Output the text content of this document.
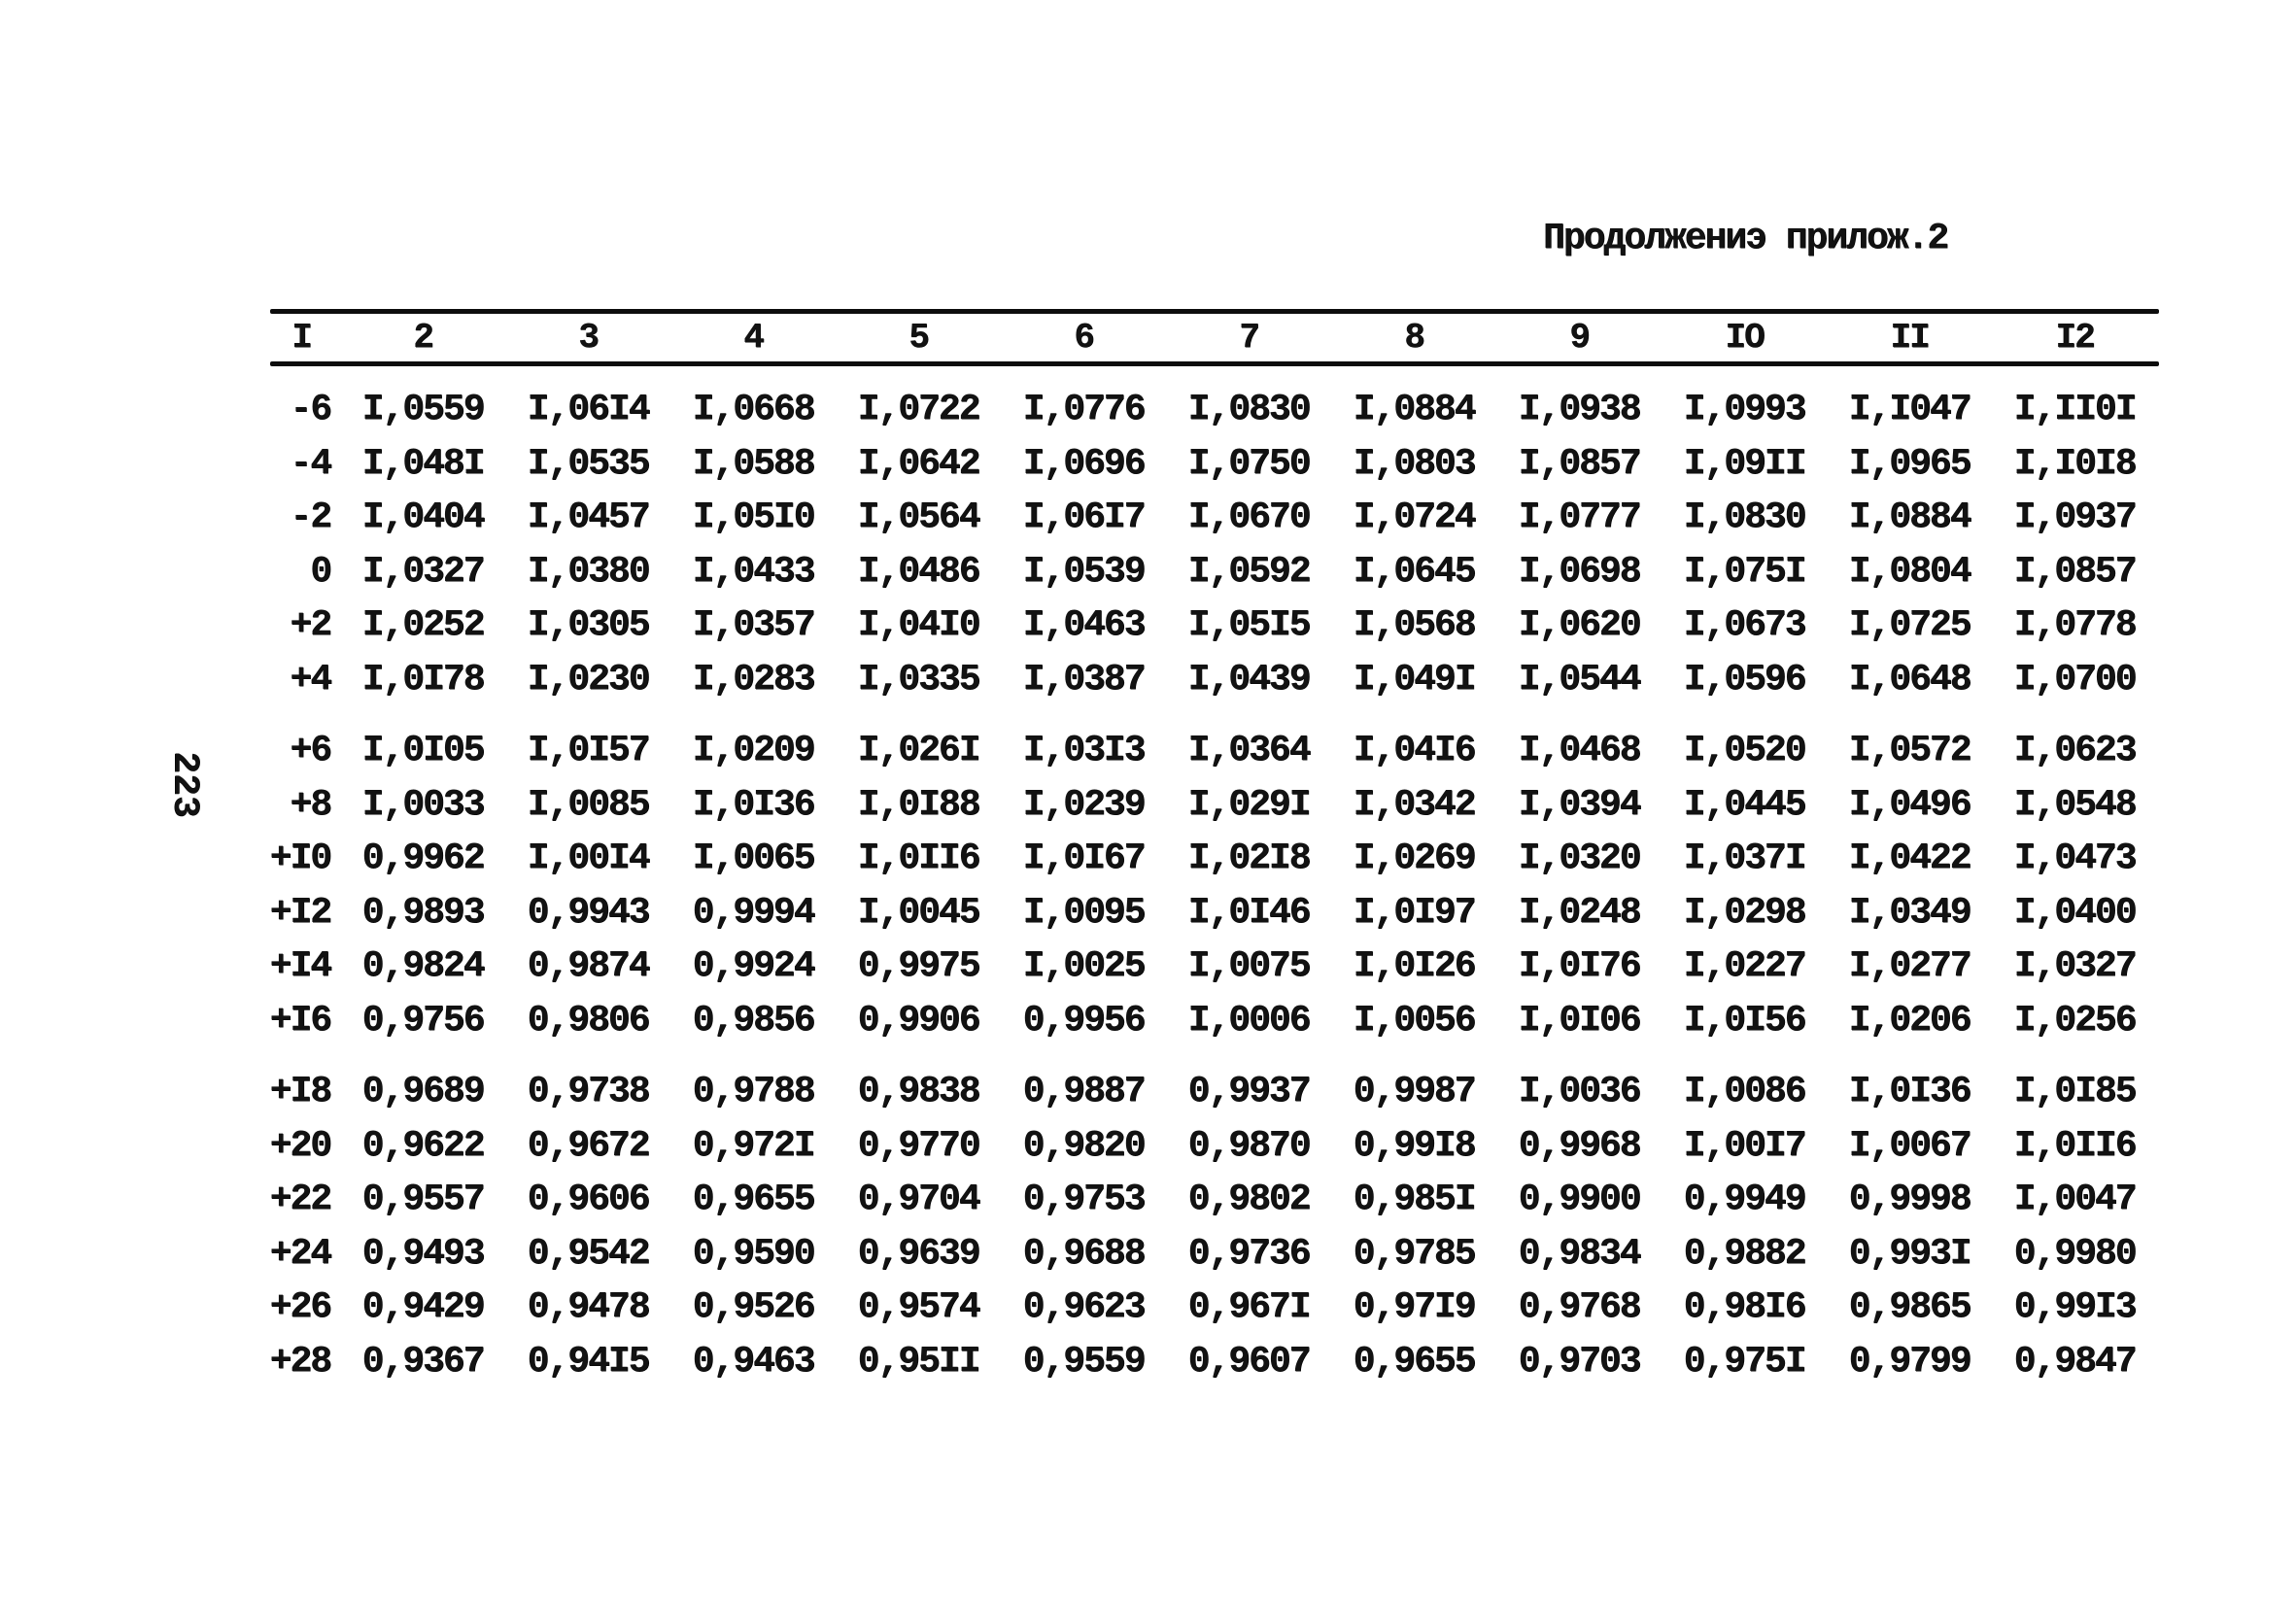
223
Продолжениэ прилож.2
I	2	3	4	5	6	7	8	9	IO	II	I2
-6 I,0559	I,06I4	I,0668	I,0722	I,0776	I,0830	I,0884	I,0938	I,0993	I,I047	I,II0I
-4 I,048I	I,0535	I,0588	I,0642	I,0696	I,0750	I,0803	I,0857	I,09II	I,0965	I,I0I8
-2 I,0404	I,0457	I,05I0	I,0564	I,06I7	I,0670	I,0724	I,0777	I,0830	I,0884	I,0937
0 I,0327	I,0380	I,0433	I,0486	I,0539	I,0592	I,0645	I,0698	I,075I	I,0804	I,0857
+2 I,0252	I,0305	I,0357	I,04I0	I,0463	I,05I5	I,0568	I,0620	I,0673	I,0725	I,0778
+4 I,0I78	I,0230	I,0283	I,0335	I,0387	I,0439	I,049I	I,0544	I,0596	I,0648	I,0700
+6 I,0I05	I,0I57	I,0209	I,026I	I,03I3	I,0364	I,04I6	I,0468	I,0520	I,0572	I,0623
+8 I,0033	I,0085	I,0I36	I,0I88	I,0239	I,029I	I,0342	I,0394	I,0445	I,0496	I,0548
+I0 0,9962	I,00I4	I,0065	I,0II6	I,0I67	I,02I8	I,0269	I,0320	I,037I	I,0422	I,0473
+I2 0,9893	0,9943	0,9994	I,0045	I,0095	I,0I46	I,0I97	I,0248	I,0298	I,0349	I,0400
+I4 0,9824	0,9874	0,9924	0,9975	I,0025	I,0075	I,0I26	I,0I76	I,0227	I,0277	I,0327
+I6 0,9756	0,9806	0,9856	0,9906	0,9956	I,0006	I,0056	I,0I06	I,0I56	I,0206	I,0256
+I8 0,9689	0,9738	0,9788	0,9838	0,9887	0,9937	0,9987	I,0036	I,0086	I,0I36	I,0I85
+20 0,9622	0,9672	0,972I	0,9770	0,9820	0,9870	0,99I8	0,9968	I,00I7	I,0067	I,0II6
+22 0,9557	0,9606	0,9655	0,9704	0,9753	0,9802	0,985I	0,9900	0,9949	0,9998	I,0047
+24 0,9493	0,9542	0,9590	0,9639	0,9688	0,9736	0,9785	0,9834	0,9882	0,993I	0,9980
+26 0,9429	0,9478	0,9526	0,9574	0,9623	0,967I	0,97I9	0,9768	0,98I6	0,9865	0,99I3
+28 0,9367	0,94I5	0,9463	0,95II	0,9559	0,9607	0,9655	0,9703	0,975I	0,9799	0,9847
